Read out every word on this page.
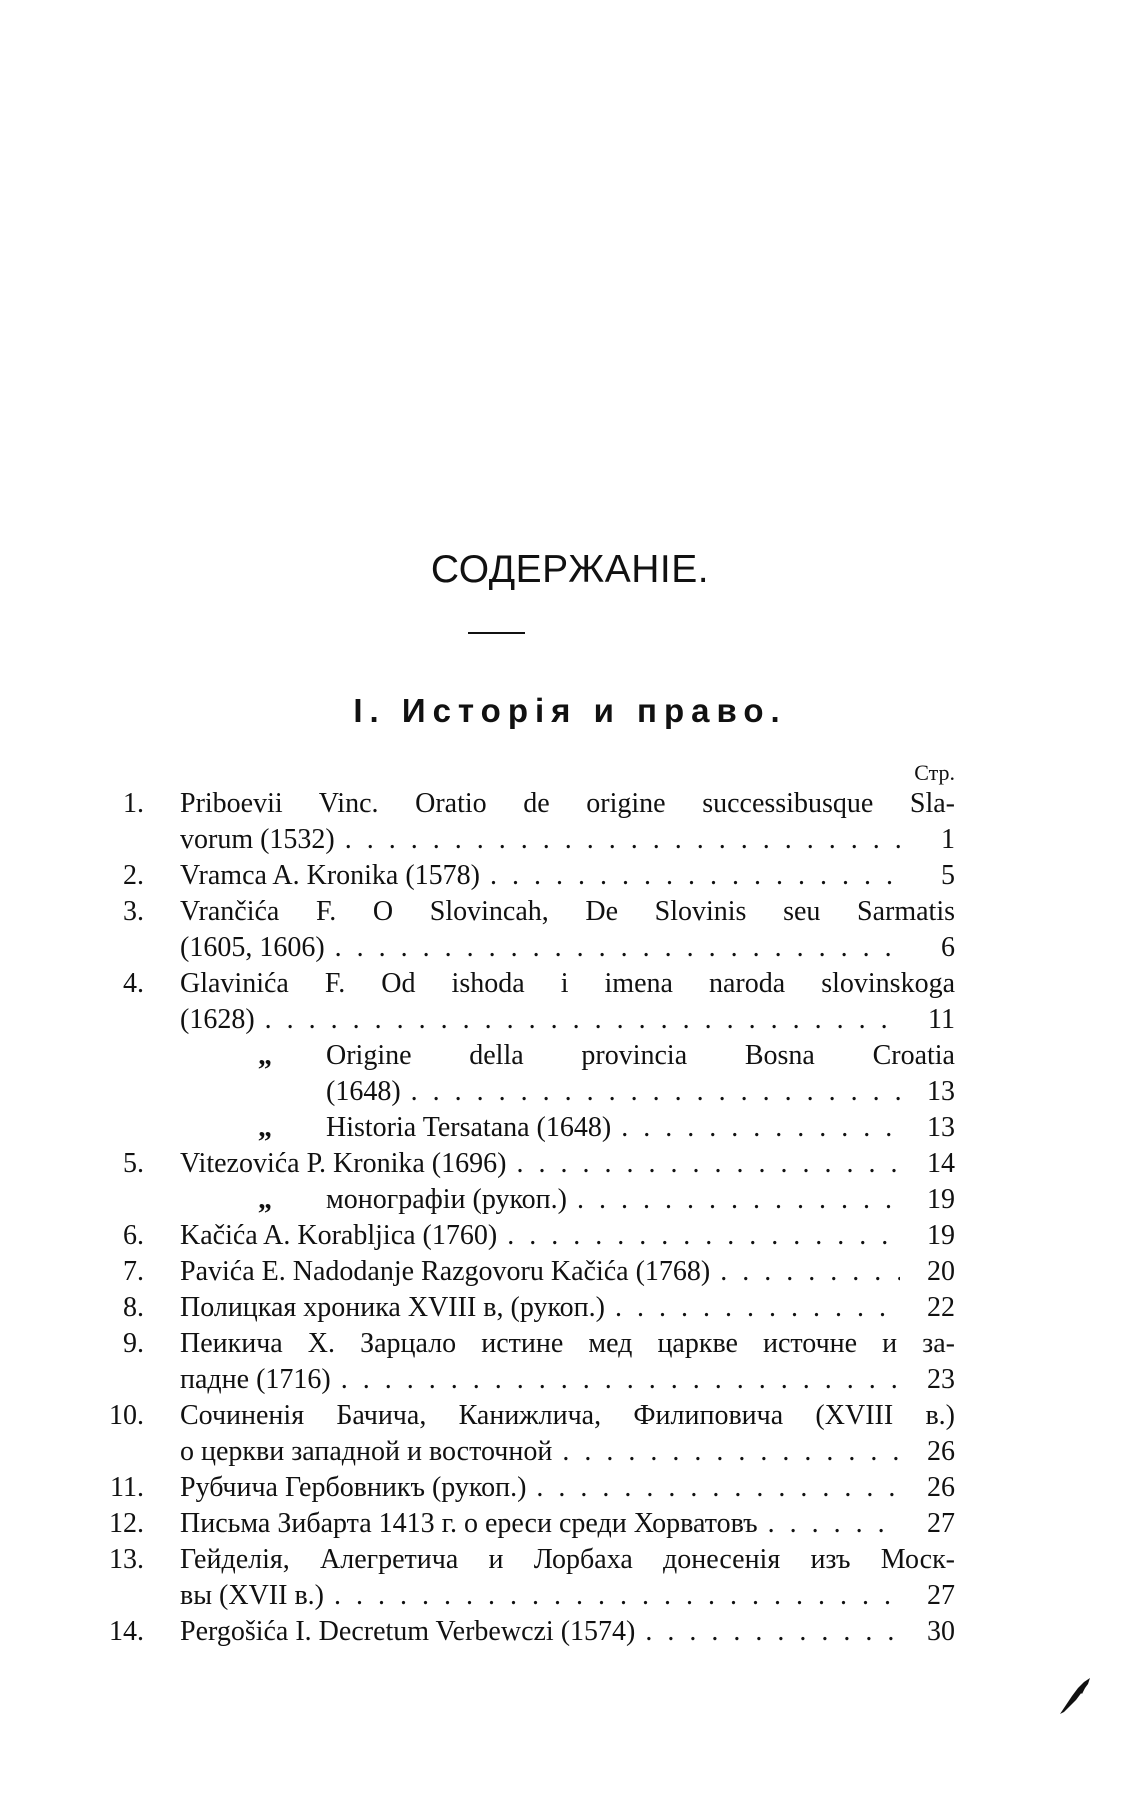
СОДЕРЖАНІЕ.
I. Исторія и право.
Стр.
1. Priboevii Vinc. Oratio de origine successibusque Sla-
vorum (1532) . . .	1
2. Vramca A. Kronika (1578) . . .	5
3. Vrančića F. O Slovincah, De Slovinis seu Sarmatis
(1605, 1606) . . .	6
4. Glavinića F. Od ishoda i imena naroda slovinskoga
(1628) . . .	11
„ Origine della provincia Bosna Croatia
(1648) . . .	13
„ Historia Tersatana (1648) . . .	13
5. Vitezovića P. Kronika (1696) . . .	14
„ монографіи (рукоп.) . . .	19
6. Kačića A. Korabljica (1760) . . .	19
7. Pavića E. Nadodanje Razgovoru Kačića (1768) . . .	20
8. Полицкая хроника XVIII в, (рукоп.) . . .	22
9. Пеикича Х. Зарцало истине мед царкве источне и за-
падне (1716) . . .	23
10. Сочиненія Бачича, Канижлича, Филиповича (XVIII в.)
о церкви западной и восточной . . .	26
11. Рубчича Гербовникъ (рукоп.) . . .	26
12. Письма Зибарта 1413 г. о ереси среди Хорватовъ . . .	27
13. Гейделія, Алегретича и Лорбаха донесенія изъ Моск-
вы (XVII в.) . . .	27
14. Pergošića I. Decretum Verbewczi (1574) . . .	30
